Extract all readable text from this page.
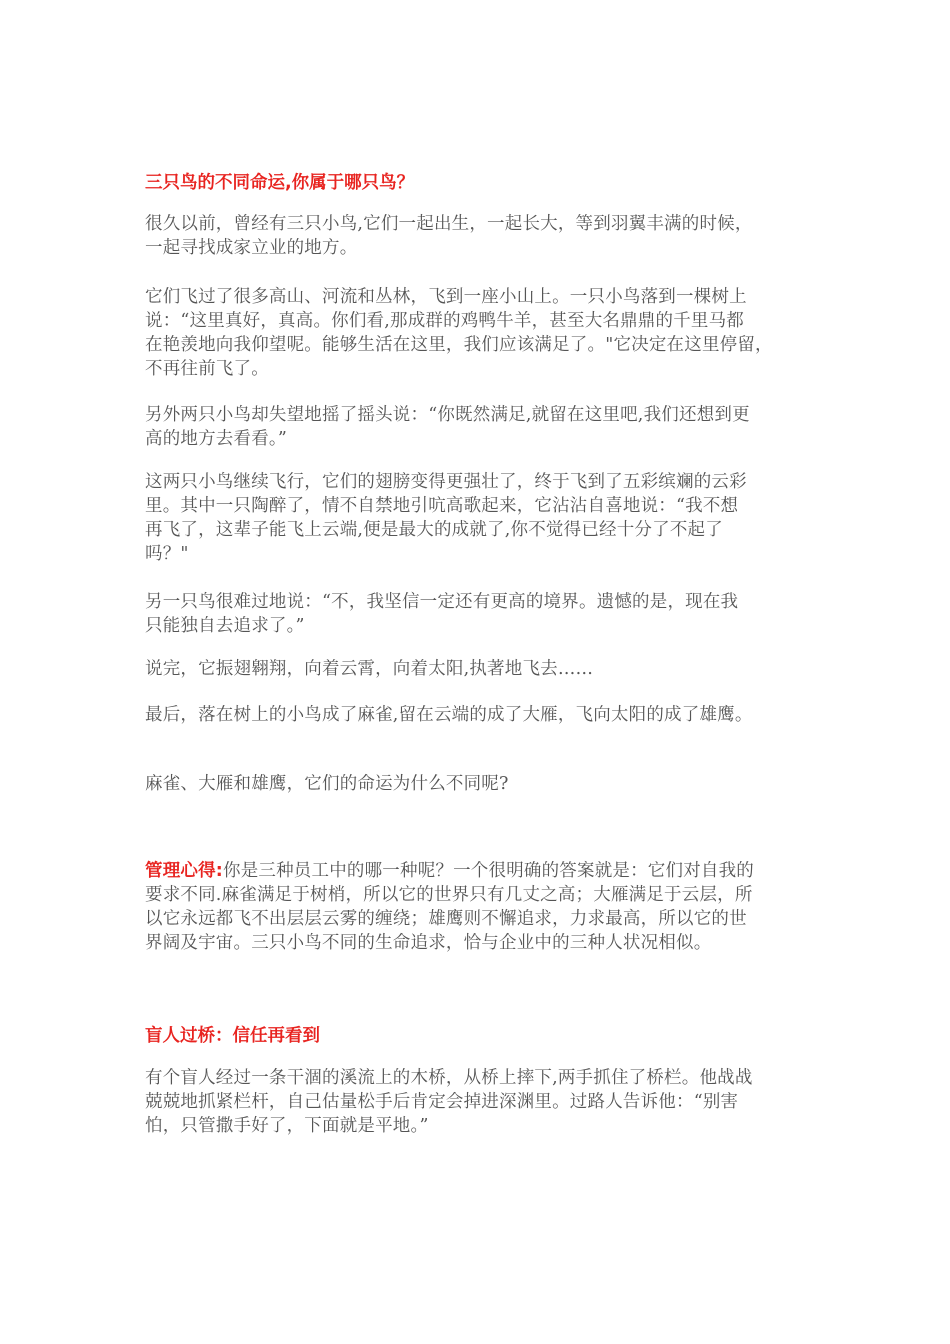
三只鸟的不同命运,你属于哪只鸟？
很久以前，曾经有三只小鸟,它们一起出生，一起长大，等到羽翼丰满的时候，
一起寻找成家立业的地方。
它们飞过了很多高山、河流和丛林，飞到一座小山上。一只小鸟落到一棵树上
说：“这里真好，真高。你们看,那成群的鸡鸭牛羊，甚至大名鼎鼎的千里马都
在艳羡地向我仰望呢。能够生活在这里，我们应该满足了。"它决定在这里停留，
不再往前飞了。
另外两只小鸟却失望地摇了摇头说：“你既然满足,就留在这里吧,我们还想到更
高的地方去看看。”
这两只小鸟继续飞行，它们的翅膀变得更强壮了，终于飞到了五彩缤斓的云彩
里。其中一只陶醉了，情不自禁地引吭高歌起来，它沾沾自喜地说：“我不想
再飞了，这辈子能飞上云端,便是最大的成就了,你不觉得已经十分了不起了
吗？"
另一只鸟很难过地说：“不，我坚信一定还有更高的境界。遗憾的是，现在我
只能独自去追求了。”
说完，它振翅翱翔，向着云霄，向着太阳,执著地飞去……
最后，落在树上的小鸟成了麻雀,留在云端的成了大雁，飞向太阳的成了雄鹰。
麻雀、大雁和雄鹰，它们的命运为什么不同呢?
管理心得:你是三种员工中的哪一种呢？一个很明确的答案就是：它们对自我的
要求不同.麻雀满足于树梢，所以它的世界只有几丈之高；大雁满足于云层，所
以它永远都飞不出层层云雾的缠绕；雄鹰则不懈追求，力求最高，所以它的世
界阔及宇宙。三只小鸟不同的生命追求，恰与企业中的三种人状况相似。
盲人过桥：信任再看到
有个盲人经过一条干涸的溪流上的木桥，从桥上摔下,两手抓住了桥栏。他战战
兢兢地抓紧栏杆，自己估量松手后肯定会掉进深渊里。过路人告诉他：“别害
怕，只管撒手好了，下面就是平地。”
